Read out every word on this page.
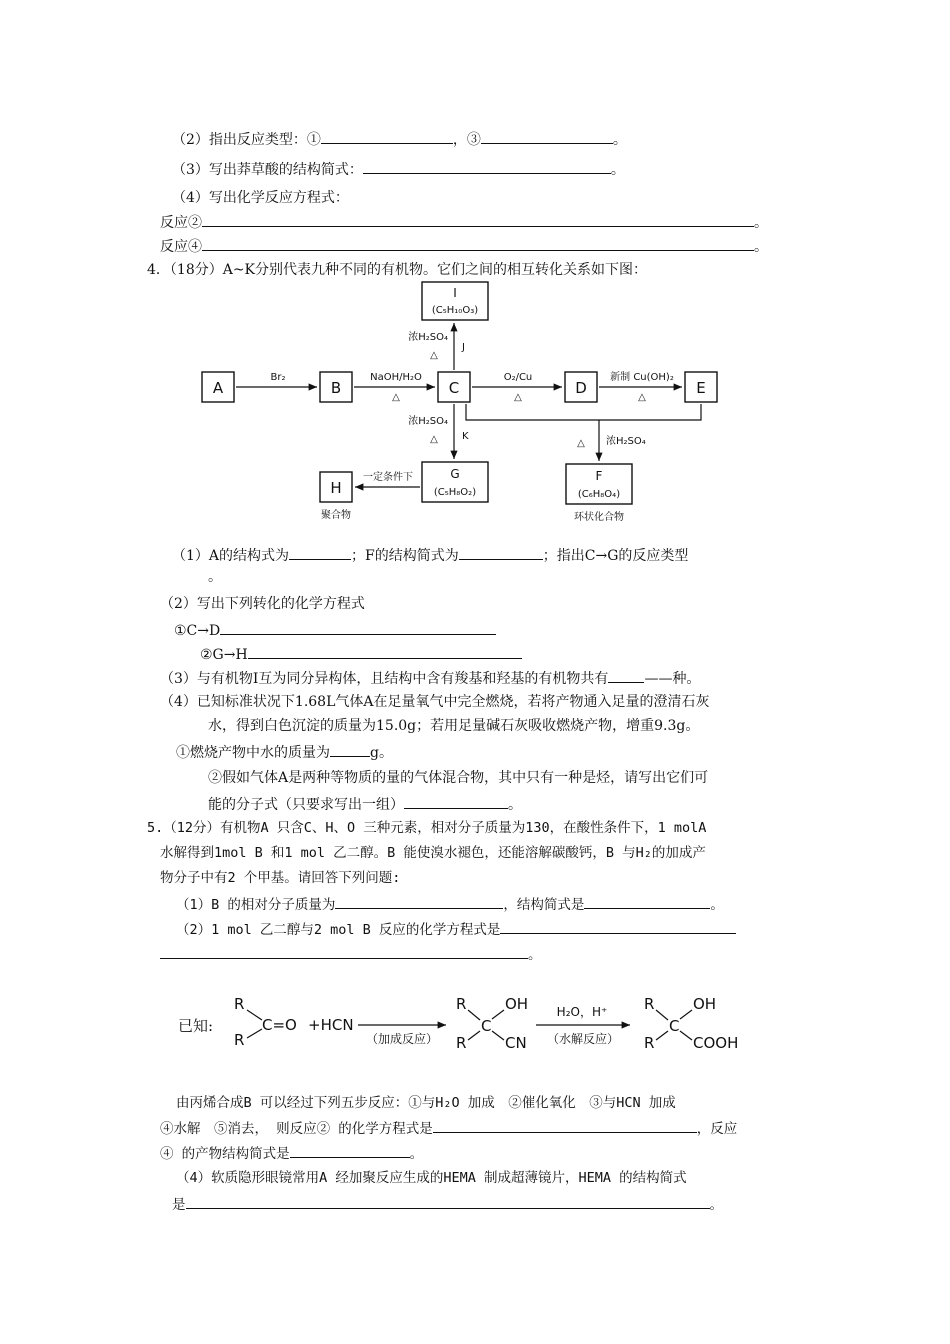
（2）指出反应类型：①	，③	。
（3）写出莽草酸的结构简式：	。
（4）写出化学反应方程式：
反应②	。
反应④	。
4．（18分）A~K分别代表九种不同的有机物。它们之间的相互转化关系如下图：
A	B	C	D	E
I
(C₅H₁₀O₃)
G
(C₅H₈O₂)
H
F
(C₆H₈O₄)
Br₂	NaOH/H₂O
△
O₂/Cu
△
新制 Cu(OH)₂
△
浓H₂SO₄
△
J
浓H₂SO₄
△ K
一定条件下
△ 浓H₂SO₄
聚合物	环状化合物
（1）A的结构式为	；F的结构简式为	；指出C→G的反应类型
。
（2）写出下列转化的化学方程式
①C→D
②G→H
（3）与有机物Ⅰ互为同分异构体，且结构中含有羧基和羟基的有机物共有	——种。
（4）已知标准状况下1.68L气体A在足量氧气中完全燃烧，若将产物通入足量的澄清石灰
水，得到白色沉淀的质量为15.0g；若用足量碱石灰吸收燃烧产物，增重9.3g。
①燃烧产物中水的质量为	g。
②假如气体A是两种等物质的量的气体混合物，其中只有一种是烃，请写出它们可
能的分子式（只要求写出一组）	。
5.（12分）有机物A 只含C、H、O 三种元素，相对分子质量为130，在酸性条件下，1 molA
水解得到1mol B 和1 mol 乙二醇。B 能使溴水褪色，还能溶解碳酸钙，B 与H₂的加成产
物分子中有2 个甲基。请回答下列问题:
（1）B 的相对分子质量为	，结构简式是	。
（2）1 mol 乙二醇与2 mol B 反应的化学方程式是
。
已知:
R
R
C=O +HCN
（加成反应）
R
R
C
OH
CN
H₂O，H⁺
（水解反应）
R
R
C
OH
COOH
由丙烯合成B 可以经过下列五步反应：①与H₂O 加成　②催化氧化　③与HCN 加成
④水解　⑤消去， 则反应② 的化学方程式是	，反应
④ 的产物结构简式是	。
（4）软质隐形眼镜常用A 经加聚反应生成的HEMA 制成超薄镜片，HEMA 的结构简式
是	。
